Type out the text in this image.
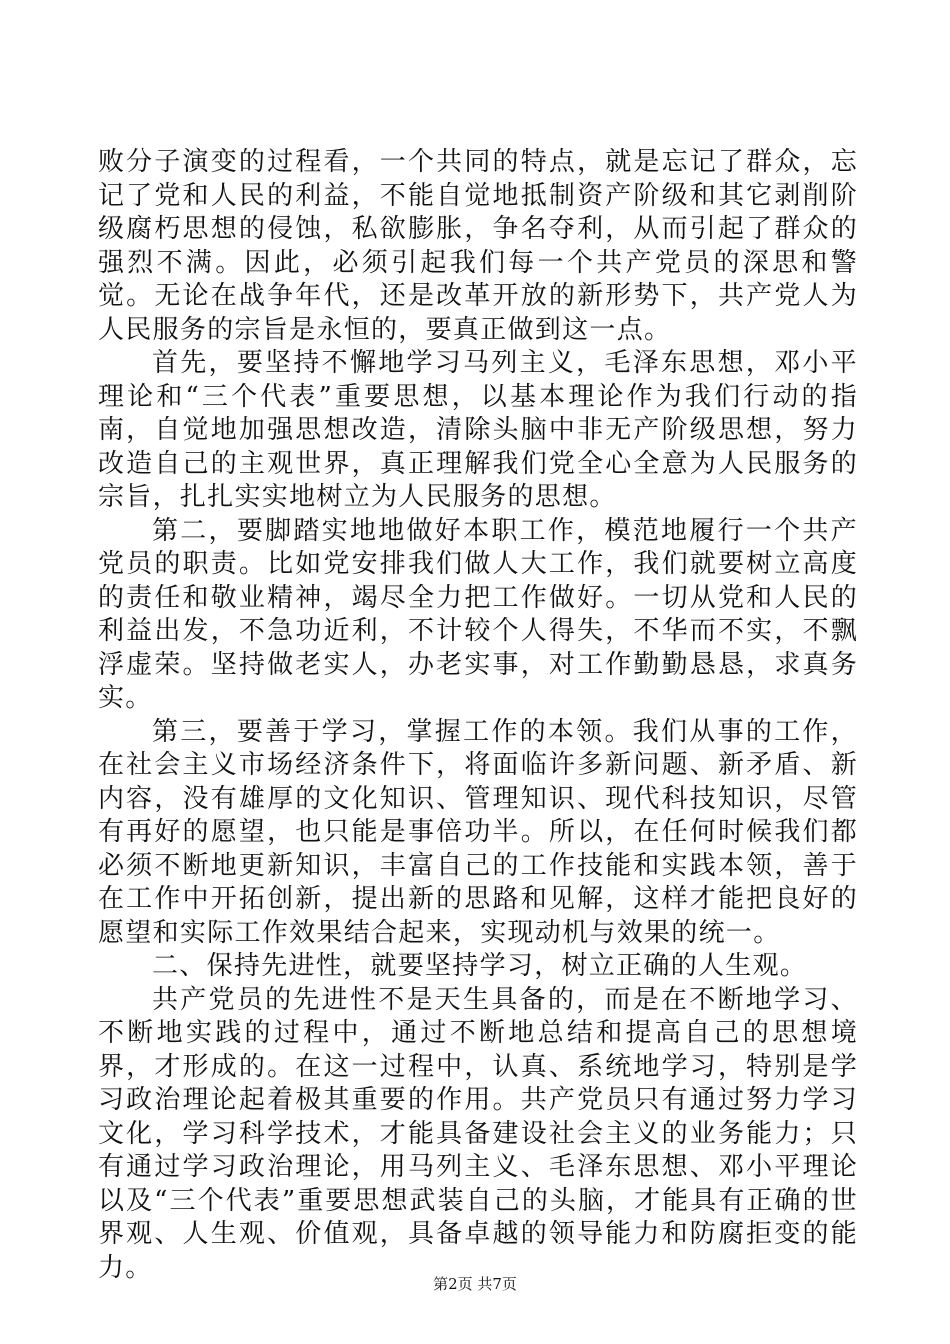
败分子演变的过程看，一个共同的特点，就是忘记了群众，忘记了党和人民的利益，不能自觉地抵制资产阶级和其它剥削阶级腐朽思想的侵蚀，私欲膨胀，争名夺利，从而引起了群众的强烈不满。因此，必须引起我们每一个共产党员的深思和警觉。无论在战争年代，还是改革开放的新形势下，共产党人为人民服务的宗旨是永恒的，要真正做到这一点。

首先，要坚持不懈地学习马列主义，毛泽东思想，邓小平理论和“三个代表”重要思想，以基本理论作为我们行动的指南，自觉地加强思想改造，清除头脑中非无产阶级思想，努力改造自己的主观世界，真正理解我们党全心全意为人民服务的宗旨，扎扎实实地树立为人民服务的思想。

第二，要脚踏实地地做好本职工作，模范地履行一个共产党员的职责。比如党安排我们做人大工作，我们就要树立高度的责任和敬业精神，竭尽全力把工作做好。一切从党和人民的利益出发，不急功近利，不计较个人得失，不华而不实，不飘浮虚荣。坚持做老实人，办老实事，对工作勤勤恳恳，求真务实。

第三，要善于学习，掌握工作的本领。我们从事的工作，在社会主义市场经济条件下，将面临许多新问题、新矛盾、新内容，没有雄厚的文化知识、管理知识、现代科技知识，尽管有再好的愿望，也只能是事倍功半。所以，在任何时候我们都必须不断地更新知识，丰富自己的工作技能和实践本领，善于在工作中开拓创新，提出新的思路和见解，这样才能把良好的愿望和实际工作效果结合起来，实现动机与效果的统一。

二、保持先进性，就要坚持学习，树立正确的人生观。

共产党员的先进性不是天生具备的，而是在不断地学习、不断地实践的过程中，通过不断地总结和提高自己的思想境界，才形成的。在这一过程中，认真、系统地学习，特别是学习政治理论起着极其重要的作用。共产党员只有通过努力学习文化，学习科学技术，才能具备建设社会主义的业务能力；只有通过学习政治理论，用马列主义、毛泽东思想、邓小平理论以及“三个代表”重要思想武装自己的头脑，才能具有正确的世界观、人生观、价值观，具备卓越的领导能力和防腐拒变的能力。

第2页 共7页
